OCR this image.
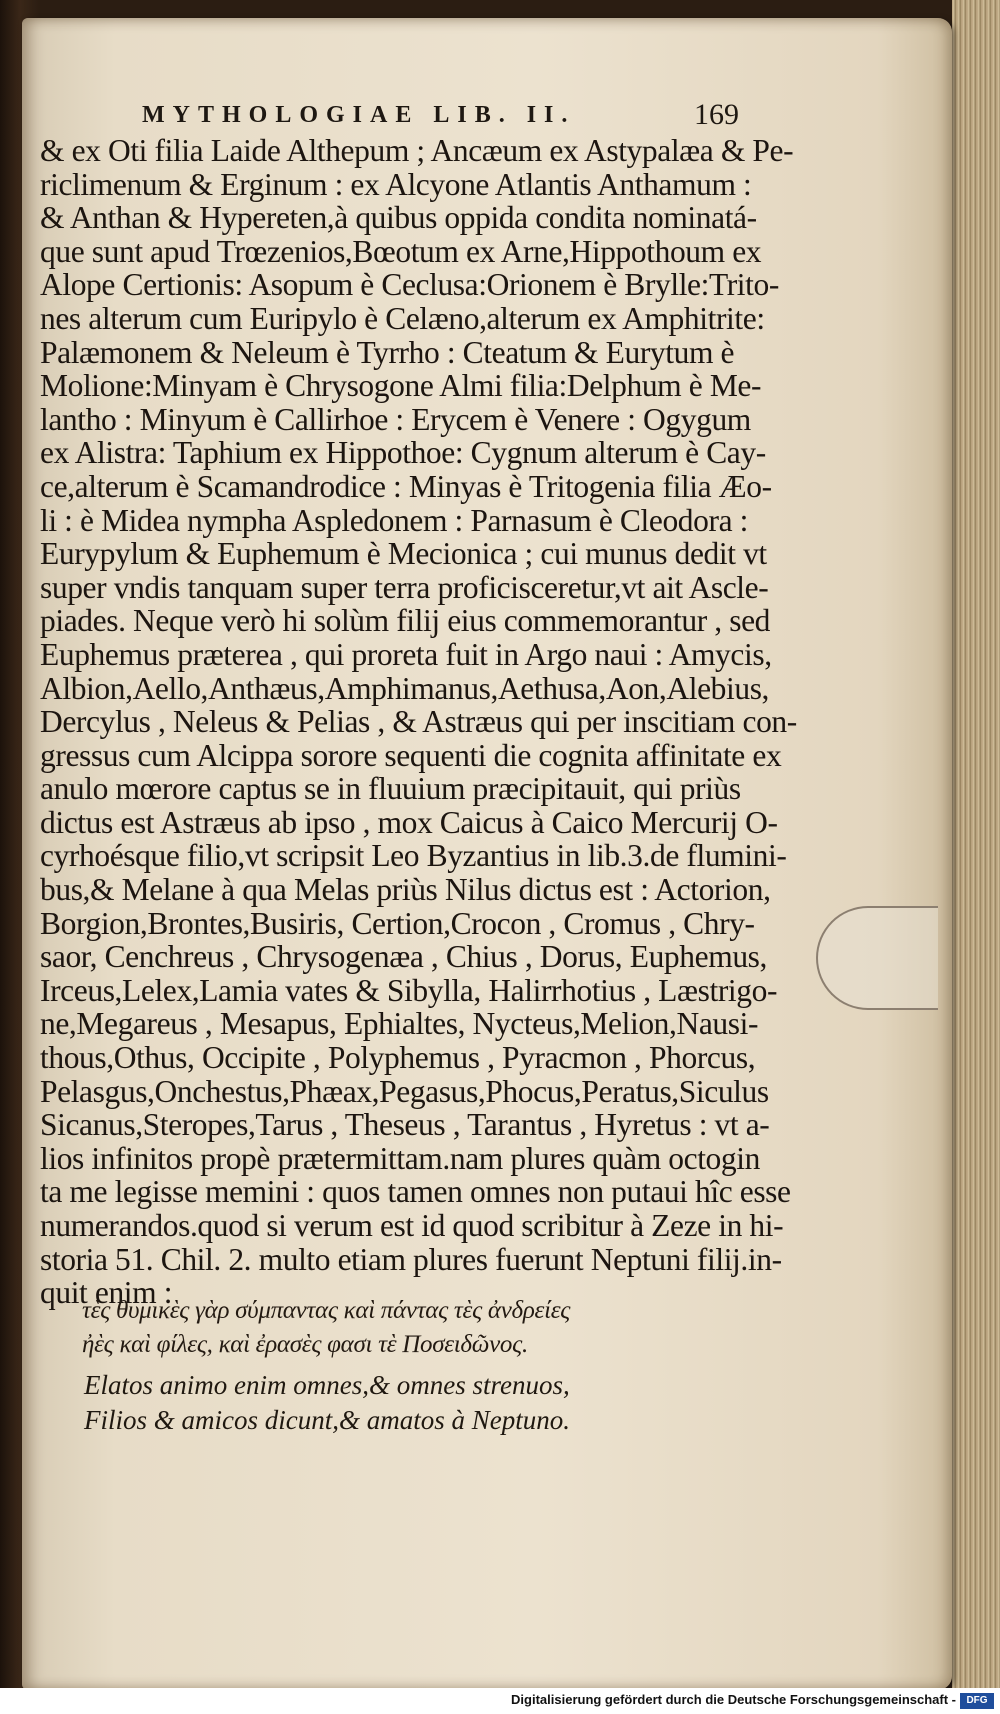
MYTHOLOGIAE LIB. II.	169
& ex Oti filia Laide Althepum ; Ancæum ex Astypalæa & Pe-
riclimenum & Erginum : ex Alcyone Atlantis Anthamum :
& Anthan & Hypereten,à quibus oppida condita nominatá-
que sunt apud Trœzenios,Bœotum ex Arne,Hippothoum ex
Alope Certionis: Asopum è Ceclusa:Orionem è Brylle:Trito-
nes alterum cum Euripylo è Celæno,alterum ex Amphitrite:
Palæmonem & Neleum è Tyrrho : Cteatum & Eurytum è
Molione:Minyam è Chrysogone Almi filia:Delphum è Me-
lantho : Minyum è Callirhoe : Erycem è Venere : Ogygum
ex Alistra: Taphium ex Hippothoe: Cygnum alterum è Cay-
ce,alterum è Scamandrodice : Minyas è Tritogenia filia Æo-
li : è Midea nympha Aspledonem : Parnasum è Cleodora :
Eurypylum & Euphemum è Mecionica ; cui munus dedit vt
super vndis tanquam super terra proficisceretur,vt ait Ascle-
piades. Neque verò hi solùm filij eius commemorantur , sed
Euphemus præterea , qui proreta fuit in Argo naui : Amycis,
Albion,Aello,Anthæus,Amphimanus,Aethusa,Aon,Alebius,
Dercylus , Neleus & Pelias , & Astræus qui per inscitiam con-
gressus cum Alcippa sorore sequenti die cognita affinitate ex
anulo mœrore captus se in fluuium præcipitauit, qui priùs
dictus est Astræus ab ipso , mox Caicus à Caico Mercurij O-
cyrhoésque filio,vt scripsit Leo Byzantius in lib.3.de flumini-
bus,& Melane à qua Melas priùs Nilus dictus est : Actorion,
Borgion,Brontes,Busiris, Certion,Crocon , Cromus , Chry-
saor, Cenchreus , Chrysogenæa , Chius , Dorus, Euphemus,
Irceus,Lelex,Lamia vates & Sibylla, Halirrhotius , Læstrigo-
ne,Megareus , Mesapus, Ephialtes, Nycteus,Melion,Nausi-
thous,Othus, Occipite , Polyphemus , Pyracmon , Phorcus,
Pelasgus,Onchestus,Phæax,Pegasus,Phocus,Peratus,Siculus
Sicanus,Steropes,Tarus , Theseus , Tarantus , Hyretus : vt a-
lios infinitos propè prætermittam.nam plures quàm octogin
ta me legisse memini : quos tamen omnes non putaui hîc esse
numerandos.quod si verum est id quod scribitur à Zeze in hi-
storia 51. Chil. 2. multo etiam plures fuerunt Neptuni filij.in-
quit enim :
τὲς θυμικὲς γὰρ σύμπαντας καὶ πάντας τὲς ἀνδρείες
ἠὲς καὶ φίλες, καὶ ἐρασὲς φασι τὲ Ποσειδῶνος.
Elatos animo enim omnes,& omnes strenuos,
Filios & amicos dicunt,& amatos à Neptuno.
Digitalisierung gefördert durch die Deutsche Forschungsgemeinschaft -	DFG
